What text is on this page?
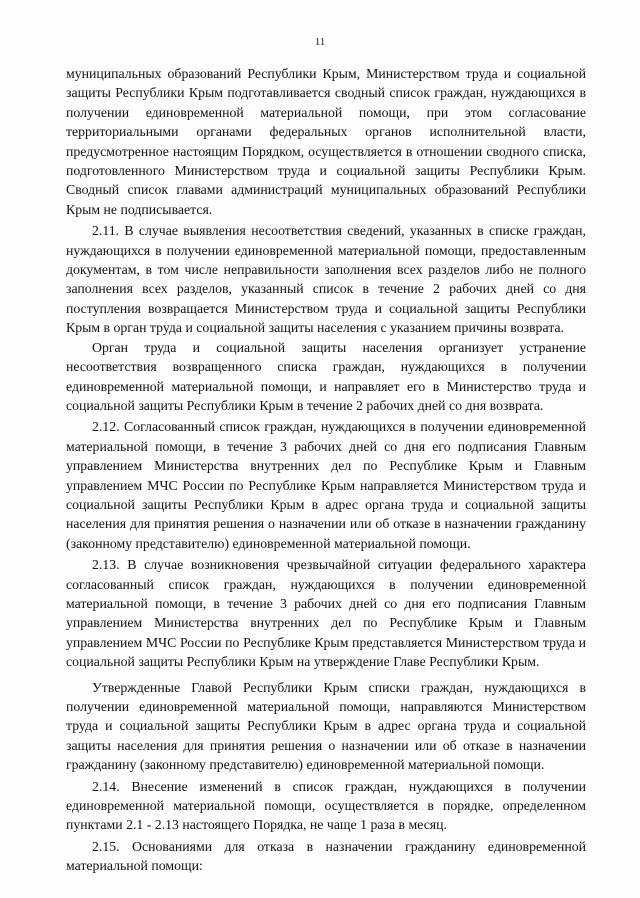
11

муниципальных образований Республики Крым, Министерством труда и социальной защиты Республики Крым подготавливается сводный список граждан, нуждающихся в получении единовременной материальной помощи, при этом согласование территориальными органами федеральных органов исполнительной власти, предусмотренное настоящим Порядком, осуществляется в отношении сводного списка, подготовленного Министерством труда и социальной защиты Республики Крым. Сводный список главами администраций муниципальных образований Республики Крым не подписывается.

2.11. В случае выявления несоответствия сведений, указанных в списке граждан, нуждающихся в получении единовременной материальной помощи, предоставленным документам, в том числе неправильности заполнения всех разделов либо не полного заполнения всех разделов, указанный список в течение 2 рабочих дней со дня поступления возвращается Министерством труда и социальной защиты Республики Крым в орган труда и социальной защиты населения с указанием причины возврата.

Орган труда и социальной защиты населения организует устранение несоответствия возвращенного списка граждан, нуждающихся в получении единовременной материальной помощи, и направляет его в Министерство труда и социальной защиты Республики Крым в течение 2 рабочих дней со дня возврата.

2.12. Согласованный список граждан, нуждающихся в получении единовременной материальной помощи, в течение 3 рабочих дней со дня его подписания Главным управлением Министерства внутренних дел по Республике Крым и Главным управлением МЧС России по Республике Крым направляется Министерством труда и социальной защиты Республики Крым в адрес органа труда и социальной защиты населения для принятия решения о назначении или об отказе в назначении гражданину (законному представителю) единовременной материальной помощи.

2.13. В случае возникновения чрезвычайной ситуации федерального характера согласованный список граждан, нуждающихся в получении единовременной материальной помощи, в течение 3 рабочих дней со дня его подписания Главным управлением Министерства внутренних дел по Республике Крым и Главным управлением МЧС России по Республике Крым представляется Министерством труда и социальной защиты Республики Крым на утверждение Главе Республики Крым.

Утвержденные Главой Республики Крым списки граждан, нуждающихся в получении единовременной материальной помощи, направляются Министерством труда и социальной защиты Республики Крым в адрес органа труда и социальной защиты населения для принятия решения о назначении или об отказе в назначении гражданину (законному представителю) единовременной материальной помощи.

2.14. Внесение изменений в список граждан, нуждающихся в получении единовременной материальной помощи, осуществляется в порядке, определенном пунктами 2.1 - 2.13 настоящего Порядка, не чаще 1 раза в месяц.

2.15. Основаниями для отказа в назначении гражданину единовременной материальной помощи:
